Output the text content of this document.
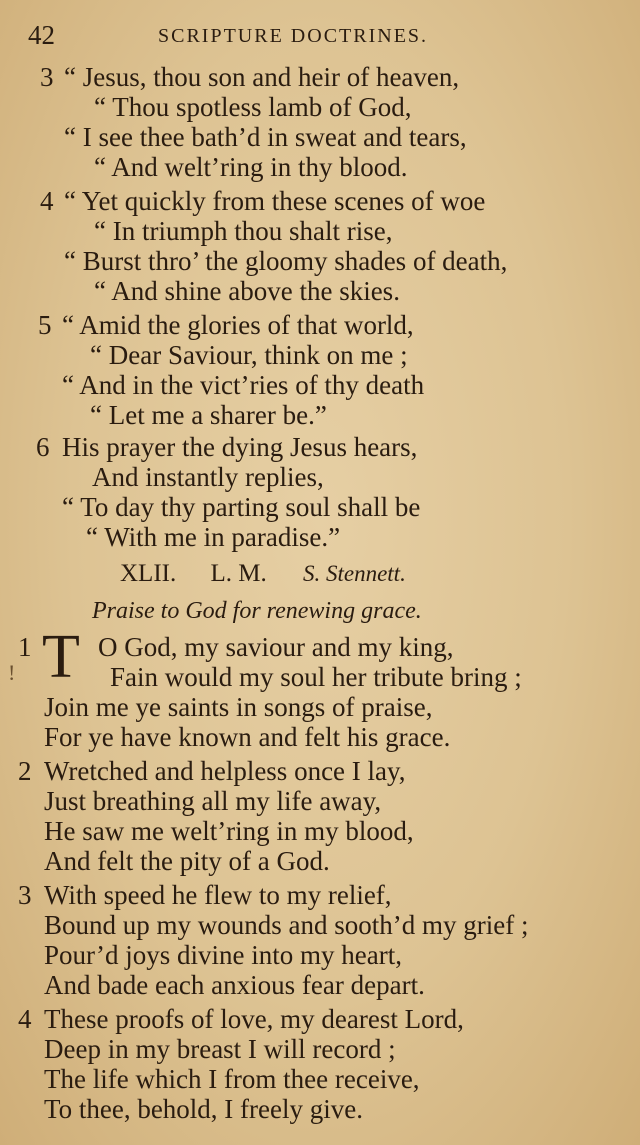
42	SCRIPTURE DOCTRINES.
3 “ Jesus, thou son and heir of heaven,
“ Thou spotless lamb of God,
“ I see thee bath’d in sweat and tears,
“ And welt’ring in thy blood.
4 “ Yet quickly from these scenes of woe
“ In triumph thou shalt rise,
“ Burst thro’ the gloomy shades of death,
“ And shine above the skies.
5 “ Amid the glories of that world,
“ Dear Saviour, think on me ;
“ And in the vict’ries of thy death
“ Let me a sharer be.”
6 His prayer the dying Jesus hears,
And instantly replies,
“ To day thy parting soul shall be
“ With me in paradise.”
XLII. L. M. S. Stennett.
Praise to God for renewing grace.
!
1 T O God, my saviour and my king,
Fain would my soul her tribute bring ;
Join me ye saints in songs of praise,
For ye have known and felt his grace.
2 Wretched and helpless once I lay,
Just breathing all my life away,
He saw me welt’ring in my blood,
And felt the pity of a God.
3 With speed he flew to my relief,
Bound up my wounds and sooth’d my grief ;
Pour’d joys divine into my heart,
And bade each anxious fear depart.
4 These proofs of love, my dearest Lord,
Deep in my breast I will record ;
The life which I from thee receive,
To thee, behold, I freely give.
